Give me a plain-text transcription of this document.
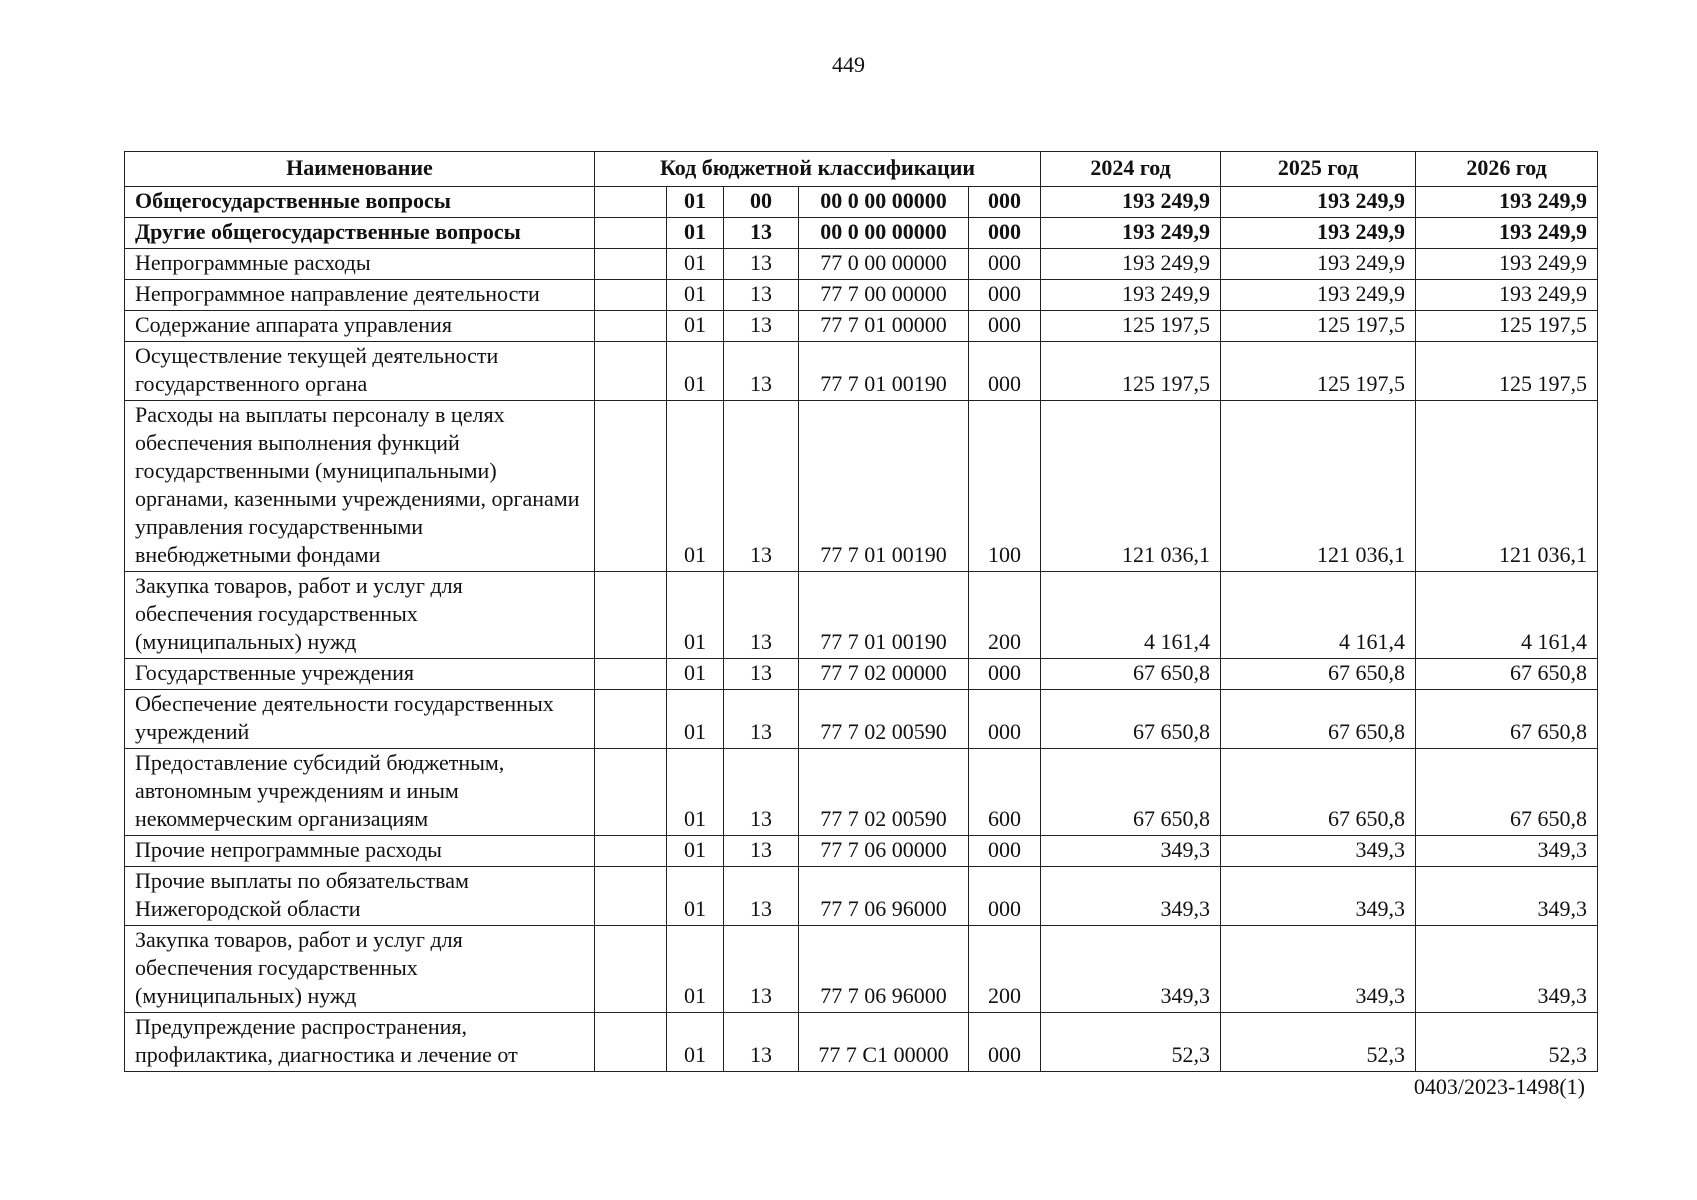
449
Наименование	Код бюджетной классификации					2024 год	2025 год	2026 год
Общегосударственные вопросы		01	00	00 0 00 00000	000	193 249,9	193 249,9	193 249,9
Другие общегосударственные вопросы		01	13	00 0 00 00000	000	193 249,9	193 249,9	193 249,9
Непрограммные расходы		01	13	77 0 00 00000	000	193 249,9	193 249,9	193 249,9
Непрограммное направление деятельности		01	13	77 7 00 00000	000	193 249,9	193 249,9	193 249,9
Содержание аппарата управления		01	13	77 7 01 00000	000	125 197,5	125 197,5	125 197,5
Осуществление текущей деятельности государственного органа		01	13	77 7 01 00190	000	125 197,5	125 197,5	125 197,5
Расходы на выплаты персоналу в целях обеспечения выполнения функций государственными (муниципальными) органами, казенными учреждениями, органами управления государственными внебюджетными фондами		01	13	77 7 01 00190	100	121 036,1	121 036,1	121 036,1
Закупка товаров, работ и услуг для обеспечения государственных (муниципальных) нужд		01	13	77 7 01 00190	200	4 161,4	4 161,4	4 161,4
Государственные учреждения		01	13	77 7 02 00000	000	67 650,8	67 650,8	67 650,8
Обеспечение деятельности государственных учреждений		01	13	77 7 02 00590	000	67 650,8	67 650,8	67 650,8
Предоставление субсидий бюджетным, автономным учреждениям и иным некоммерческим организациям		01	13	77 7 02 00590	600	67 650,8	67 650,8	67 650,8
Прочие непрограммные расходы		01	13	77 7 06 00000	000	349,3	349,3	349,3
Прочие выплаты по обязательствам Нижегородской области		01	13	77 7 06 96000	000	349,3	349,3	349,3
Закупка товаров, работ и услуг для обеспечения государственных (муниципальных) нужд		01	13	77 7 06 96000	200	349,3	349,3	349,3
Предупреждение распространения, профилактика, диагностика и лечение от		01	13	77 7 С1 00000	000	52,3	52,3	52,3
0403/2023-1498(1)
